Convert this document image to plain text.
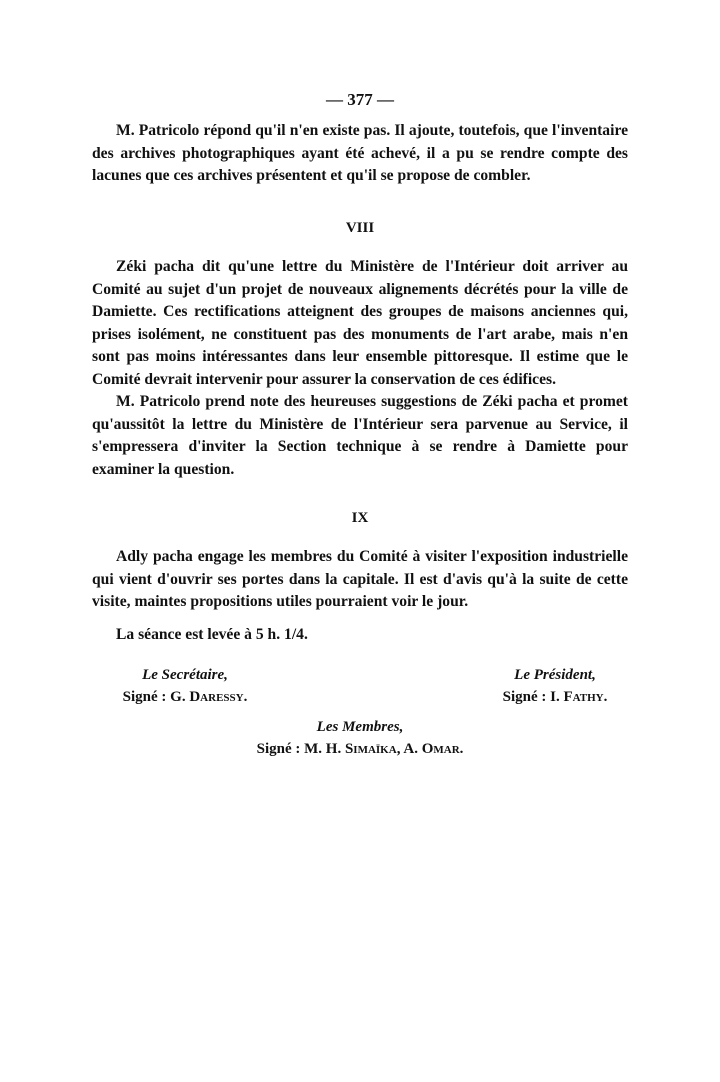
— 377 —

M. Patricolo répond qu'il n'en existe pas. Il ajoute, toutefois, que l'inventaire des archives photographiques ayant été achevé, il a pu se rendre compte des lacunes que ces archives présentent et qu'il se propose de combler.

VIII

Zéki pacha dit qu'une lettre du Ministère de l'Intérieur doit arriver au Comité au sujet d'un projet de nouveaux alignements décrétés pour la ville de Damiette. Ces rectifications atteignent des groupes de maisons anciennes qui, prises isolément, ne constituent pas des monuments de l'art arabe, mais n'en sont pas moins intéressantes dans leur ensemble pittoresque. Il estime que le Comité devrait intervenir pour assurer la conservation de ces édifices.

M. Patricolo prend note des heureuses suggestions de Zéki pacha et promet qu'aussitôt la lettre du Ministère de l'Intérieur sera parvenue au Service, il s'empressera d'inviter la Section technique à se rendre à Damiette pour examiner la question.

IX

Adly pacha engage les membres du Comité à visiter l'exposition industrielle qui vient d'ouvrir ses portes dans la capitale. Il est d'avis qu'à la suite de cette visite, maintes propositions utiles pourraient voir le jour.

La séance est levée à 5 h. 1/4.

Le Secrétaire,
Signé : G. Daressy.
Le Président,
Signé : I. Fathy.
Les Membres,
Signé : M. H. Simaïka, A. Omar.
